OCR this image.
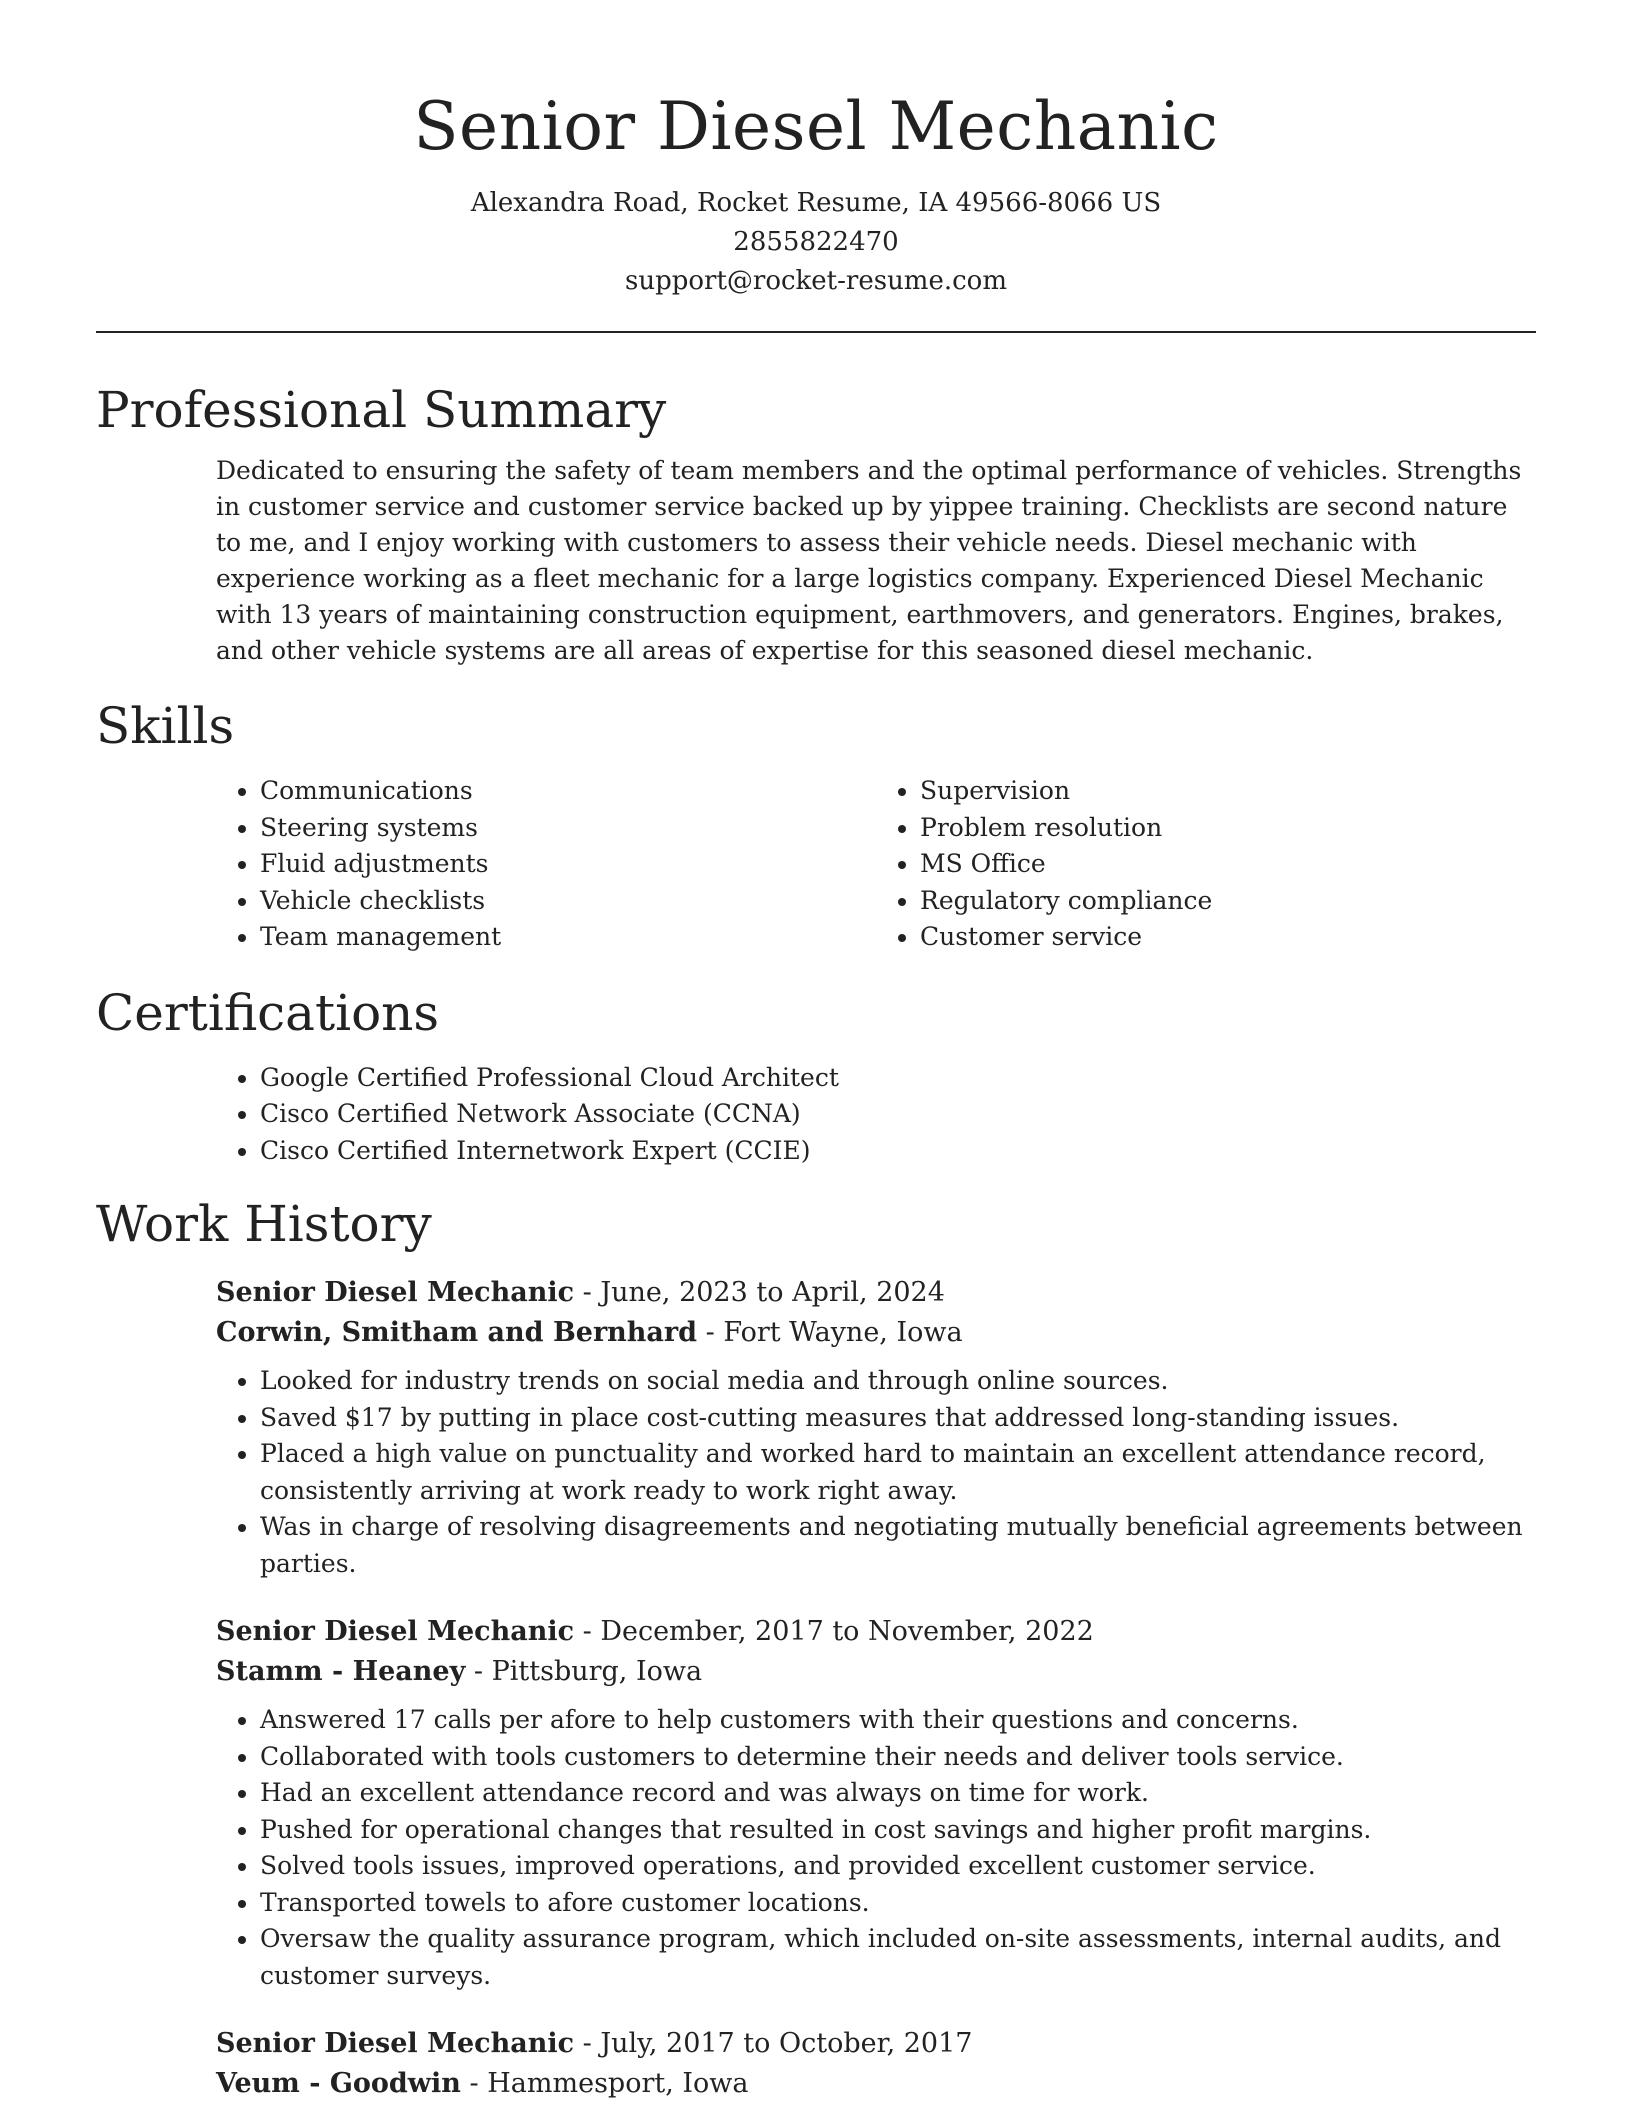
Senior Diesel Mechanic
Alexandra Road, Rocket Resume, IA 49566-8066 US
2855822470
support@rocket-resume.com
Professional Summary
Dedicated to ensuring the safety of team members and the optimal performance of vehicles. Strengths in customer service and customer service backed up by yippee training. Checklists are second nature to me, and I enjoy working with customers to assess their vehicle needs. Diesel mechanic with experience working as a fleet mechanic for a large logistics company. Experienced Diesel Mechanic with 13 years of maintaining construction equipment, earthmovers, and generators. Engines, brakes, and other vehicle systems are all areas of expertise for this seasoned diesel mechanic.
Skills
• Communications
• Steering systems
• Fluid adjustments
• Vehicle checklists
• Team management
• Supervision
• Problem resolution
• MS Office
• Regulatory compliance
• Customer service
Certifications
• Google Certified Professional Cloud Architect
• Cisco Certified Network Associate (CCNA)
• Cisco Certified Internetwork Expert (CCIE)
Work History
Senior Diesel Mechanic - June, 2023 to April, 2024
Corwin, Smitham and Bernhard - Fort Wayne, Iowa
• Looked for industry trends on social media and through online sources.
• Saved $17 by putting in place cost-cutting measures that addressed long-standing issues.
• Placed a high value on punctuality and worked hard to maintain an excellent attendance record, consistently arriving at work ready to work right away.
• Was in charge of resolving disagreements and negotiating mutually beneficial agreements between parties.
Senior Diesel Mechanic - December, 2017 to November, 2022
Stamm - Heaney - Pittsburg, Iowa
• Answered 17 calls per afore to help customers with their questions and concerns.
• Collaborated with tools customers to determine their needs and deliver tools service.
• Had an excellent attendance record and was always on time for work.
• Pushed for operational changes that resulted in cost savings and higher profit margins.
• Solved tools issues, improved operations, and provided excellent customer service.
• Transported towels to afore customer locations.
• Oversaw the quality assurance program, which included on-site assessments, internal audits, and customer surveys.
Senior Diesel Mechanic - July, 2017 to October, 2017
Veum - Goodwin - Hammesport, Iowa
